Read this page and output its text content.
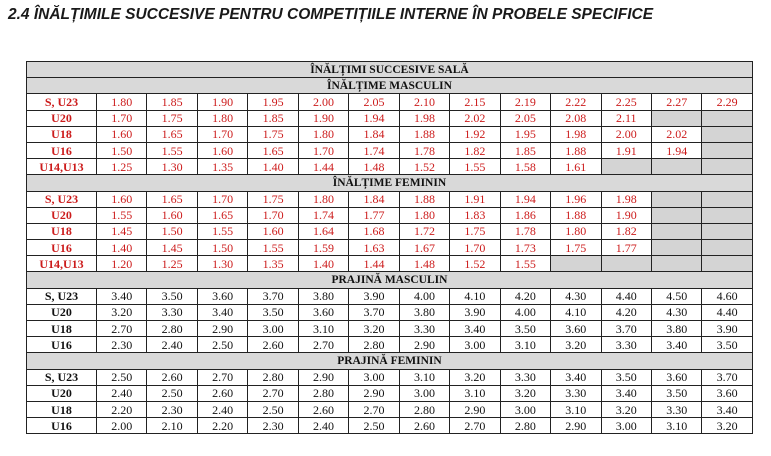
2.4 ÎNĂLȚIMILE SUCCESIVE PENTRU COMPETIȚIILE INTERNE ÎN PROBELE SPECIFICE
ÎNĂLȚIMI SUCCESIVE SALĂ													
ÎNĂLȚIME MASCULIN													
S, U23	1.80	1.85	1.90	1.95	2.00	2.05	2.10	2.15	2.19	2.22	2.25	2.27	2.29
U20	1.70	1.75	1.80	1.85	1.90	1.94	1.98	2.02	2.05	2.08	2.11		
U18	1.60	1.65	1.70	1.75	1.80	1.84	1.88	1.92	1.95	1.98	2.00	2.02	
U16	1.50	1.55	1.60	1.65	1.70	1.74	1.78	1.82	1.85	1.88	1.91	1.94	
U14,U13	1.25	1.30	1.35	1.40	1.44	1.48	1.52	1.55	1.58	1.61			
ÎNĂLȚIME FEMININ													
S, U23	1.60	1.65	1.70	1.75	1.80	1.84	1.88	1.91	1.94	1.96	1.98		
U20	1.55	1.60	1.65	1.70	1.74	1.77	1.80	1.83	1.86	1.88	1.90		
U18	1.45	1.50	1.55	1.60	1.64	1.68	1.72	1.75	1.78	1.80	1.82		
U16	1.40	1.45	1.50	1.55	1.59	1.63	1.67	1.70	1.73	1.75	1.77		
U14,U13	1.20	1.25	1.30	1.35	1.40	1.44	1.48	1.52	1.55				
PRAJINĂ MASCULIN													
S, U23	3.40	3.50	3.60	3.70	3.80	3.90	4.00	4.10	4.20	4.30	4.40	4.50	4.60
U20	3.20	3.30	3.40	3.50	3.60	3.70	3.80	3.90	4.00	4.10	4.20	4.30	4.40
U18	2.70	2.80	2.90	3.00	3.10	3.20	3.30	3.40	3.50	3.60	3.70	3.80	3.90
U16	2.30	2.40	2.50	2.60	2.70	2.80	2.90	3.00	3.10	3.20	3.30	3.40	3.50
PRAJINĂ FEMININ													
S, U23	2.50	2.60	2.70	2.80	2.90	3.00	3.10	3.20	3.30	3.40	3.50	3.60	3.70
U20	2.40	2.50	2.60	2.70	2.80	2.90	3.00	3.10	3.20	3.30	3.40	3.50	3.60
U18	2.20	2.30	2.40	2.50	2.60	2.70	2.80	2.90	3.00	3.10	3.20	3.30	3.40
U16	2.00	2.10	2.20	2.30	2.40	2.50	2.60	2.70	2.80	2.90	3.00	3.10	3.20
